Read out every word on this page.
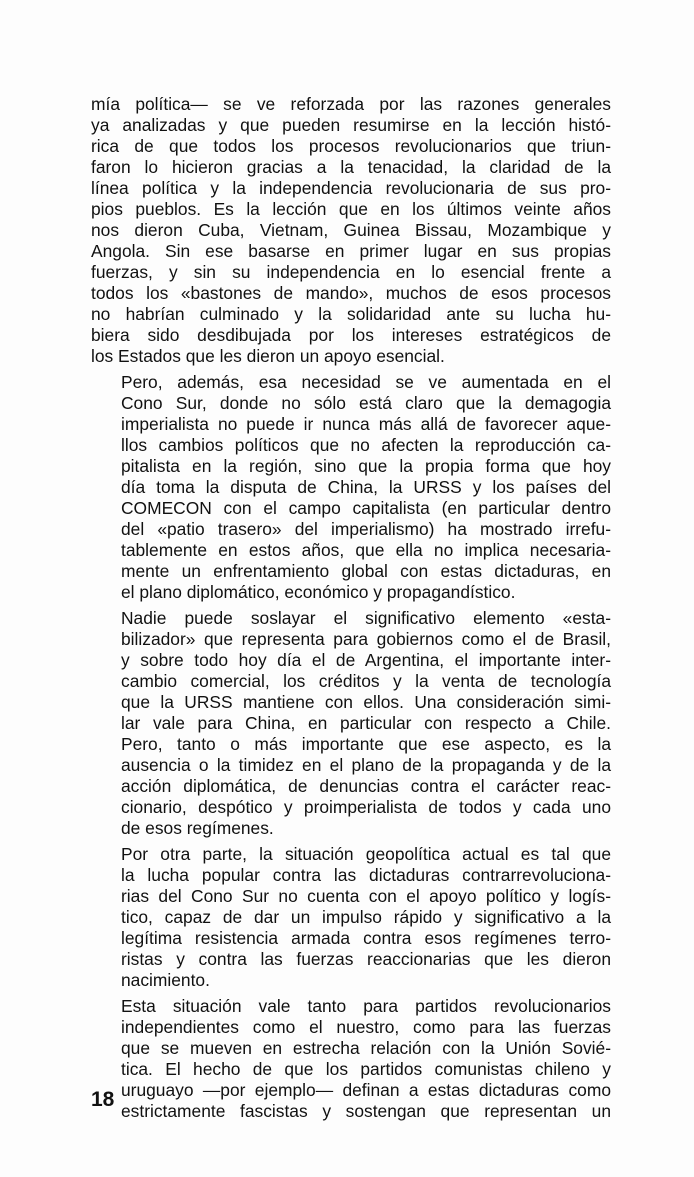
mía política— se ve reforzada por las razones generales
ya analizadas y que pueden resumirse en la lección histó-
rica de que todos los procesos revolucionarios que triun-
faron lo hicieron gracias a la tenacidad, la claridad de la
línea política y la independencia revolucionaria de sus pro-
pios pueblos. Es la lección que en los últimos veinte años
nos dieron Cuba, Vietnam, Guinea Bissau, Mozambique y
Angola. Sin ese basarse en primer lugar en sus propias
fuerzas, y sin su independencia en lo esencial frente a
todos los «bastones de mando», muchos de esos procesos
no habrían culminado y la solidaridad ante su lucha hu-
biera sido desdibujada por los intereses estratégicos de
los Estados que les dieron un apoyo esencial.

Pero, además, esa necesidad se ve aumentada en el
Cono Sur, donde no sólo está claro que la demagogia
imperialista no puede ir nunca más allá de favorecer aque-
llos cambios políticos que no afecten la reproducción ca-
pitalista en la región, sino que la propia forma que hoy
día toma la disputa de China, la URSS y los países del
COMECON con el campo capitalista (en particular dentro
del «patio trasero» del imperialismo) ha mostrado irrefu-
tablemente en estos años, que ella no implica necesaria-
mente un enfrentamiento global con estas dictaduras, en
el plano diplomático, económico y propagandístico.

Nadie puede soslayar el significativo elemento «esta-
bilizador» que representa para gobiernos como el de Brasil,
y sobre todo hoy día el de Argentina, el importante inter-
cambio comercial, los créditos y la venta de tecnología
que la URSS mantiene con ellos. Una consideración simi-
lar vale para China, en particular con respecto a Chile.
Pero, tanto o más importante que ese aspecto, es la
ausencia o la timidez en el plano de la propaganda y de la
acción diplomática, de denuncias contra el carácter reac-
cionario, despótico y proimperialista de todos y cada uno
de esos regímenes.

Por otra parte, la situación geopolítica actual es tal que
la lucha popular contra las dictaduras contrarrevoluciona-
rias del Cono Sur no cuenta con el apoyo político y logís-
tico, capaz de dar un impulso rápido y significativo a la
legítima resistencia armada contra esos regímenes terro-
ristas y contra las fuerzas reaccionarias que les dieron
nacimiento.

Esta situación vale tanto para partidos revolucionarios
independientes como el nuestro, como para las fuerzas
que se mueven en estrecha relación con la Unión Sovié-
tica. El hecho de que los partidos comunistas chileno y
uruguayo —por ejemplo— definan a estas dictaduras como
estrictamente fascistas y sostengan que representan un

18
